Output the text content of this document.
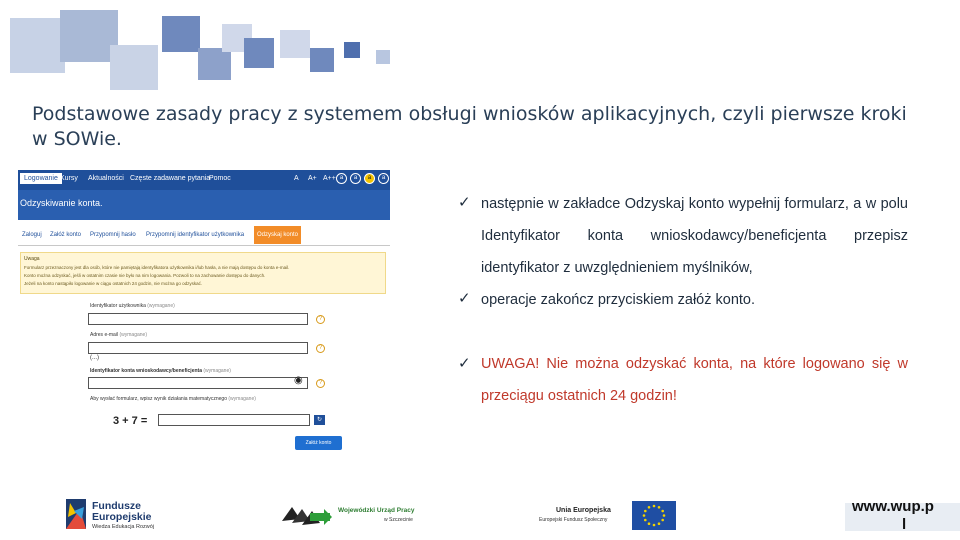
Podstawowe zasady pracy z systemem obsługi wniosków aplikacyjnych, czyli pierwsze kroki w SOWie.
Logowanie Kursy Aktualności Częste zadawane pytania
Pomoc	A A+ A++ a	a	a	a
Odzyskiwanie konta.
Zaloguj Załóż konto Przypomnij hasło Przypomnij identyfikator użytkownika	Odzyskaj konto
Uwaga
Formularz przeznaczony jest dla osób, które nie pamiętają identyfikatora użytkownika i/lub hasła, a nie mają dostępu do konta e-mail.
Konto można odzyskać, jeśli w ostatnim czasie nie było na nim logowania. Pozwoli to na zachowanie dostępu do danych.
Jeżeli na konto nastąpiło logowanie w ciągu ostatnich 24 godzin, nie można go odzyskać.
Identyfikator użytkownika (wymagane)
?
Adres e-mail (wymagane)
?
(...)
Identyfikator konta wnioskodawcy/beneficjenta (wymagane)
◉	?
Aby wysłać formularz, wpisz wynik działania matematycznego (wymagane)
3 + 7 =	↻
Załóż konto
✓ następnie w zakładce Odzyskaj konto wypełnij formularz, a w polu Identyfikator konta wnioskodawcy/beneficjenta przepisz identyfikator z uwzględnieniem myślników,
✓ operacje zakończ przyciskiem załóż konto.
✓ UWAGA! Nie można odzyskać konta, na które logowano się w przeciągu ostatnich 24 godzin!
Fundusze
Europejskie
Wiedza Edukacja Rozwój
Wojewódzki Urząd Pracy
w Szczecinie
Unia Europejska
Europejski Fundusz Społeczny
www.wup.p
l
